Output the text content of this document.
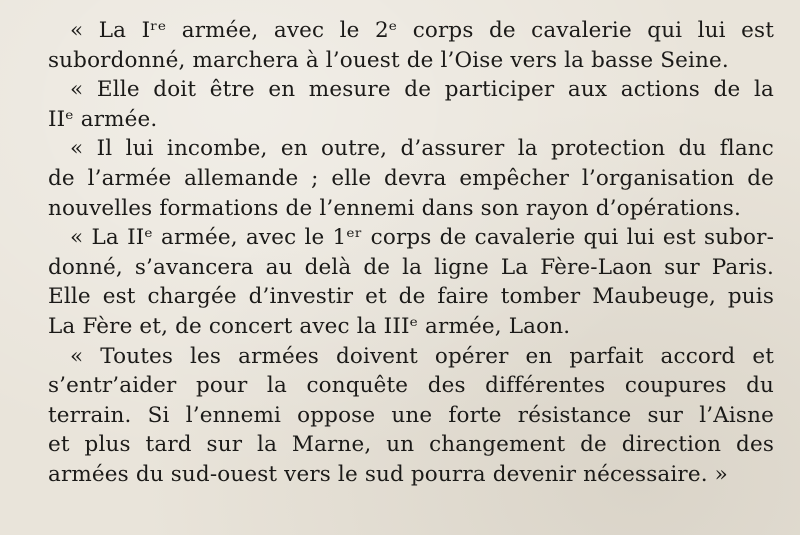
« La Iʳᵉ armée, avec le 2ᵉ corps de cavalerie qui lui est
subordonné, marchera à l’ouest de l’Oise vers la basse Seine.
« Elle doit être en mesure de participer aux actions de la
IIᵉ armée.
« Il lui incombe, en outre, d’assurer la protection du flanc
de l’armée allemande ; elle devra empêcher l’organisation de
nouvelles formations de l’ennemi dans son rayon d’opérations.
« La IIᵉ armée, avec le 1ᵉʳ corps de cavalerie qui lui est subor-
donné, s’avancera au delà de la ligne La Fère-Laon sur Paris.
Elle est chargée d’investir et de faire tomber Maubeuge, puis
La Fère et, de concert avec la IIIᵉ armée, Laon.
« Toutes les armées doivent opérer en parfait accord et
s’entr’aider pour la conquête des différentes coupures du
terrain. Si l’ennemi oppose une forte résistance sur l’Aisne
et plus tard sur la Marne, un changement de direction des
armées du sud-ouest vers le sud pourra devenir nécessaire. »
